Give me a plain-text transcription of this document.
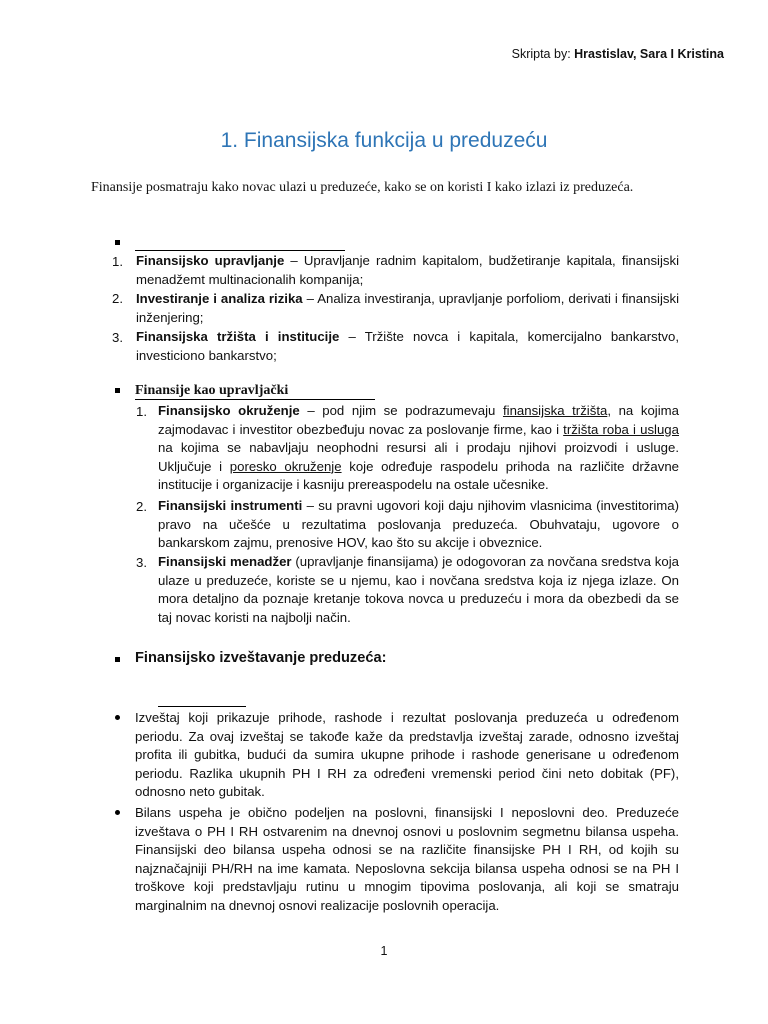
Skripta by: Hrastislav, Sara I Kristina
1. Finansijska funkcija u preduzeću
Finansije posmatraju kako novac ulazi u preduzeće, kako se on koristi I kako izlazi iz preduzeća.
1. Finansijsko upravljanje – Upravljanje radnim kapitalom, budžetiranje kapitala, finansijski menadžemt multinacionalih kompanija;
2. Investiranje i analiza rizika – Analiza investiranja, upravljanje porfoliom, derivati i finansijski inženjering;
3. Finansijska tržišta i institucije – Tržište novca i kapitala, komercijalno bankarstvo, investiciono bankarstvo;
Finansije kao upravljački
1. Finansijsko okruženje – pod njim se podrazumevaju finansijska tržišta, na kojima zajmodavac i investitor obezbeđuju novac za poslovanje firme, kao i tržišta roba i usluga na kojima se nabavljaju neophodni resursi ali i prodaju njihovi proizvodi i usluge. Uključuje i poresko okruženje koje određuje raspodelu prihoda na različite državne institucije i organizacije i kasniju prereaspodelu na ostale učesnike.
2. Finansijski instrumenti – su pravni ugovori koji daju njihovim vlasnicima (investitorima) pravo na učešće u rezultatima poslovanja preduzeća. Obuhvataju, ugovore o bankarskom zajmu, prenosive HOV, kao što su akcije i obveznice.
3. Finansijski menadžer (upravljanje finansijama) je odogovoran za novčana sredstva koja ulaze u preduzeće, koriste se u njemu, kao i novčana sredstva koja iz njega izlaze. On mora detaljno da poznaje kretanje tokova novca u preduzeću i mora da obezbedi da se taj novac koristi na najbolji način.
Finansijsko izveštavanje preduzeća:
Izveštaj koji prikazuje prihode, rashode i rezultat poslovanja preduzeća u određenom periodu. Za ovaj izveštaj se takođe kaže da predstavlja izveštaj zarade, odnosno izveštaj profita ili gubitka, budući da sumira ukupne prihode i rashode generisane u određenom periodu. Razlika ukupnih PH I RH za određeni vremenski period čini neto dobitak (PF), odnosno neto gubitak.
Bilans uspeha je obično podeljen na poslovni, finansijski I neposlovni deo. Preduzeće izveštava o PH I RH ostvarenim na dnevnoj osnovi u poslovnim segmetnu bilansa uspeha. Finansijski deo bilansa uspeha odnosi se na različite finansijske PH I RH, od kojih su najznačajniji PH/RH na ime kamata. Neposlovna sekcija bilansa uspeha odnosi se na PH I troškove koji predstavljaju rutinu u mnogim tipovima poslovanja, ali koji se smatraju marginalnim na dnevnoj osnovi realizacije poslovnih operacija.
1
